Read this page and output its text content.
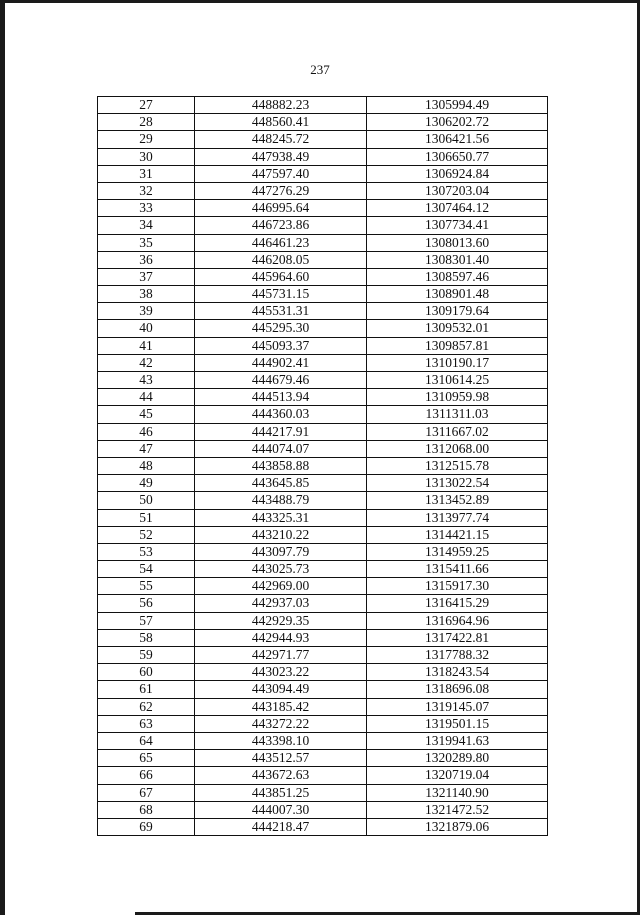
237
27	448882.23	1305994.49
28	448560.41	1306202.72
29	448245.72	1306421.56
30	447938.49	1306650.77
31	447597.40	1306924.84
32	447276.29	1307203.04
33	446995.64	1307464.12
34	446723.86	1307734.41
35	446461.23	1308013.60
36	446208.05	1308301.40
37	445964.60	1308597.46
38	445731.15	1308901.48
39	445531.31	1309179.64
40	445295.30	1309532.01
41	445093.37	1309857.81
42	444902.41	1310190.17
43	444679.46	1310614.25
44	444513.94	1310959.98
45	444360.03	1311311.03
46	444217.91	1311667.02
47	444074.07	1312068.00
48	443858.88	1312515.78
49	443645.85	1313022.54
50	443488.79	1313452.89
51	443325.31	1313977.74
52	443210.22	1314421.15
53	443097.79	1314959.25
54	443025.73	1315411.66
55	442969.00	1315917.30
56	442937.03	1316415.29
57	442929.35	1316964.96
58	442944.93	1317422.81
59	442971.77	1317788.32
60	443023.22	1318243.54
61	443094.49	1318696.08
62	443185.42	1319145.07
63	443272.22	1319501.15
64	443398.10	1319941.63
65	443512.57	1320289.80
66	443672.63	1320719.04
67	443851.25	1321140.90
68	444007.30	1321472.52
69	444218.47	1321879.06
